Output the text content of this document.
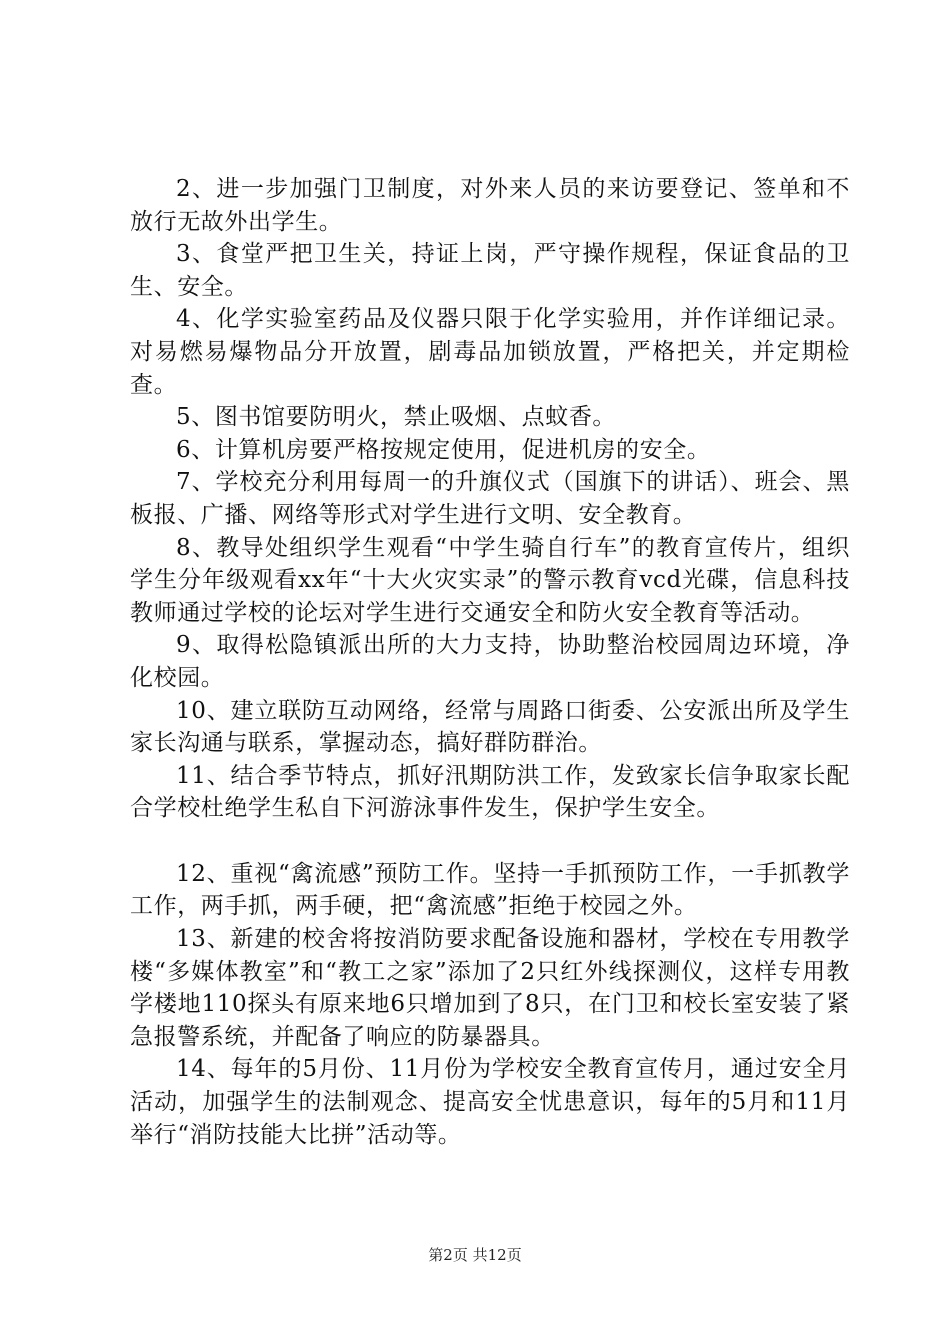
2、进一步加强门卫制度，对外来人员的来访要登记、签单和不放行无故外出学生。

3、食堂严把卫生关，持证上岗，严守操作规程，保证食品的卫生、安全。

4、化学实验室药品及仪器只限于化学实验用，并作详细记录。对易燃易爆物品分开放置，剧毒品加锁放置，严格把关，并定期检查。

5、图书馆要防明火，禁止吸烟、点蚊香。

6、计算机房要严格按规定使用，促进机房的安全。

7、学校充分利用每周一的升旗仪式（国旗下的讲话）、班会、黑板报、广播、网络等形式对学生进行文明、安全教育。

8、教导处组织学生观看“中学生骑自行车”的教育宣传片，组织学生分年级观看xx年“十大火灾实录”的警示教育vcd光碟，信息科技教师通过学校的论坛对学生进行交通安全和防火安全教育等活动。

9、取得松隐镇派出所的大力支持，协助整治校园周边环境，净化校园。

10、建立联防互动网络，经常与周路口街委、公安派出所及学生家长沟通与联系，掌握动态，搞好群防群治。

11、结合季节特点，抓好汛期防洪工作，发致家长信争取家长配合学校杜绝学生私自下河游泳事件发生，保护学生安全。

12、重视“禽流感”预防工作。坚持一手抓预防工作，一手抓教学工作，两手抓，两手硬，把“禽流感”拒绝于校园之外。

13、新建的校舍将按消防要求配备设施和器材，学校在专用教学楼“多媒体教室”和“教工之家”添加了2只红外线探测仪，这样专用教学楼地110探头有原来地6只增加到了8只，在门卫和校长室安装了紧急报警系统，并配备了响应的防暴器具。

14、每年的5月份、11月份为学校安全教育宣传月，通过安全月活动，加强学生的法制观念、提高安全忧患意识，每年的5月和11月举行“消防技能大比拼”活动等。

第2页 共12页
